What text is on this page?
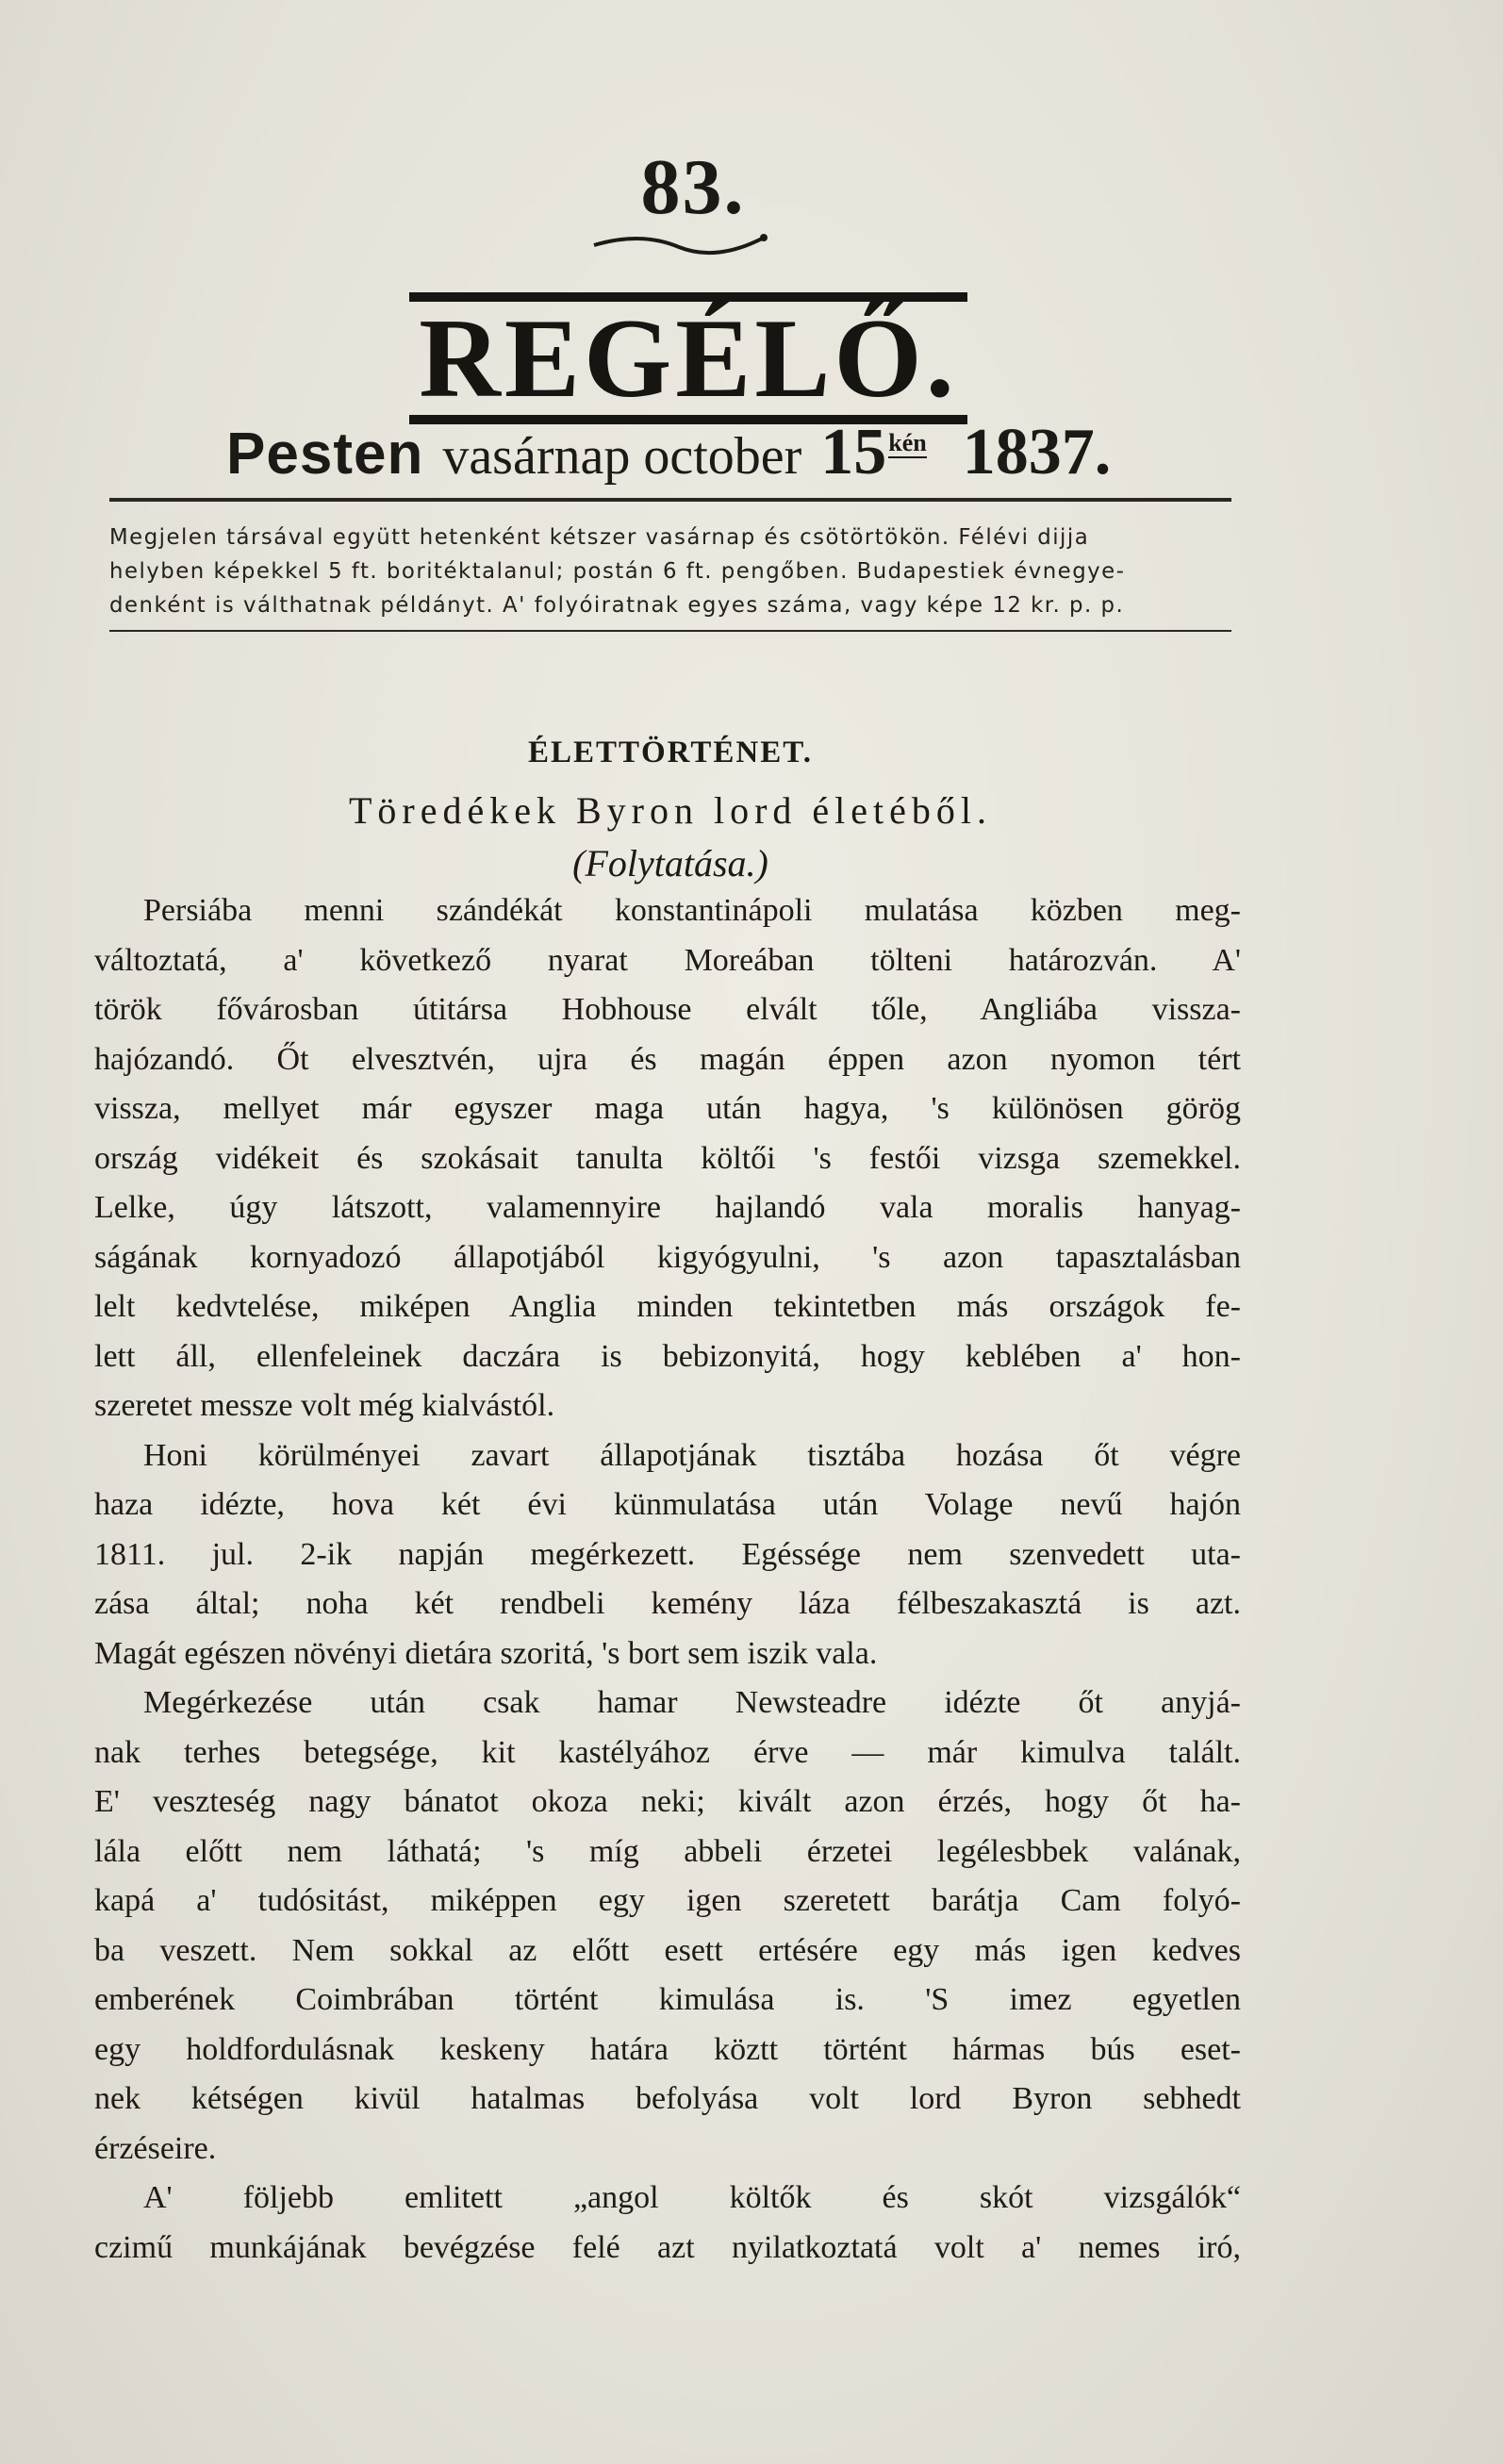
83.
REGÉLŐ.
Pesten vasárnap october $15^{kén}$ 1837.
Megjelen társával együtt hetenként kétszer vasárnap és csötörtökön. Félévi dijja
helyben képekkel 5 ft. boritéktalanul; postán 6 ft. pengőben. Budapestiek évnegye-
denként is válthatnak példányt. A' folyóiratnak egyes száma, vagy képe 12 kr. p. p.
ÉLETTÖRTÉNET.
Töredékek Byron lord életéből.
(Folytatása.)
Persiába menni szándékát konstantinápoli mulatása közben meg-
változtatá, a' következő nyarat Moreában tölteni határozván. A'
török fővárosban útitársa Hobhouse elvált tőle, Angliába vissza-
hajózandó. Őt elvesztvén, ujra és magán éppen azon nyomon tért
vissza, mellyet már egyszer maga után hagya, 's különösen görög
ország vidékeit és szokásait tanulta költői 's festői vizsga szemekkel.
Lelke, úgy látszott, valamennyire hajlandó vala moralis hanyag-
ságának kornyadozó állapotjából kigyógyulni, 's azon tapasztalásban
lelt kedvtelése, miképen Anglia minden tekintetben más országok fe-
lett áll, ellenfeleinek daczára is bebizonyitá, hogy keblében a' hon-
szeretet messze volt még kialvástól.
Honi körülményei zavart állapotjának tisztába hozása őt végre
haza idézte, hova két évi künmulatása után Volage nevű hajón
1811. jul. 2-ik napján megérkezett. Egéssége nem szenvedett uta-
zása által; noha két rendbeli kemény láza félbeszakasztá is azt.
Magát egészen növényi dietára szoritá, 's bort sem iszik vala.
Megérkezése után csak hamar Newsteadre idézte őt anyjá-
nak terhes betegsége, kit kastélyához érve — már kimulva talált.
E' veszteség nagy bánatot okoza neki; kivált azon érzés, hogy őt ha-
lála előtt nem láthatá; 's míg abbeli érzetei legélesbbek valának,
kapá a' tudósitást, miképpen egy igen szeretett barátja Cam folyó-
ba veszett. Nem sokkal az előtt esett ertésére egy más igen kedves
emberének Coimbrában történt kimulása is. 'S imez egyetlen
egy holdfordulásnak keskeny határa köztt történt hármas bús eset-
nek kétségen kivül hatalmas befolyása volt lord Byron sebhedt
érzéseire.
A' följebb emlitett „angol költők és skót vizsgálók“
czimű munkájának bevégzése felé azt nyilatkoztatá volt a' nemes iró,
